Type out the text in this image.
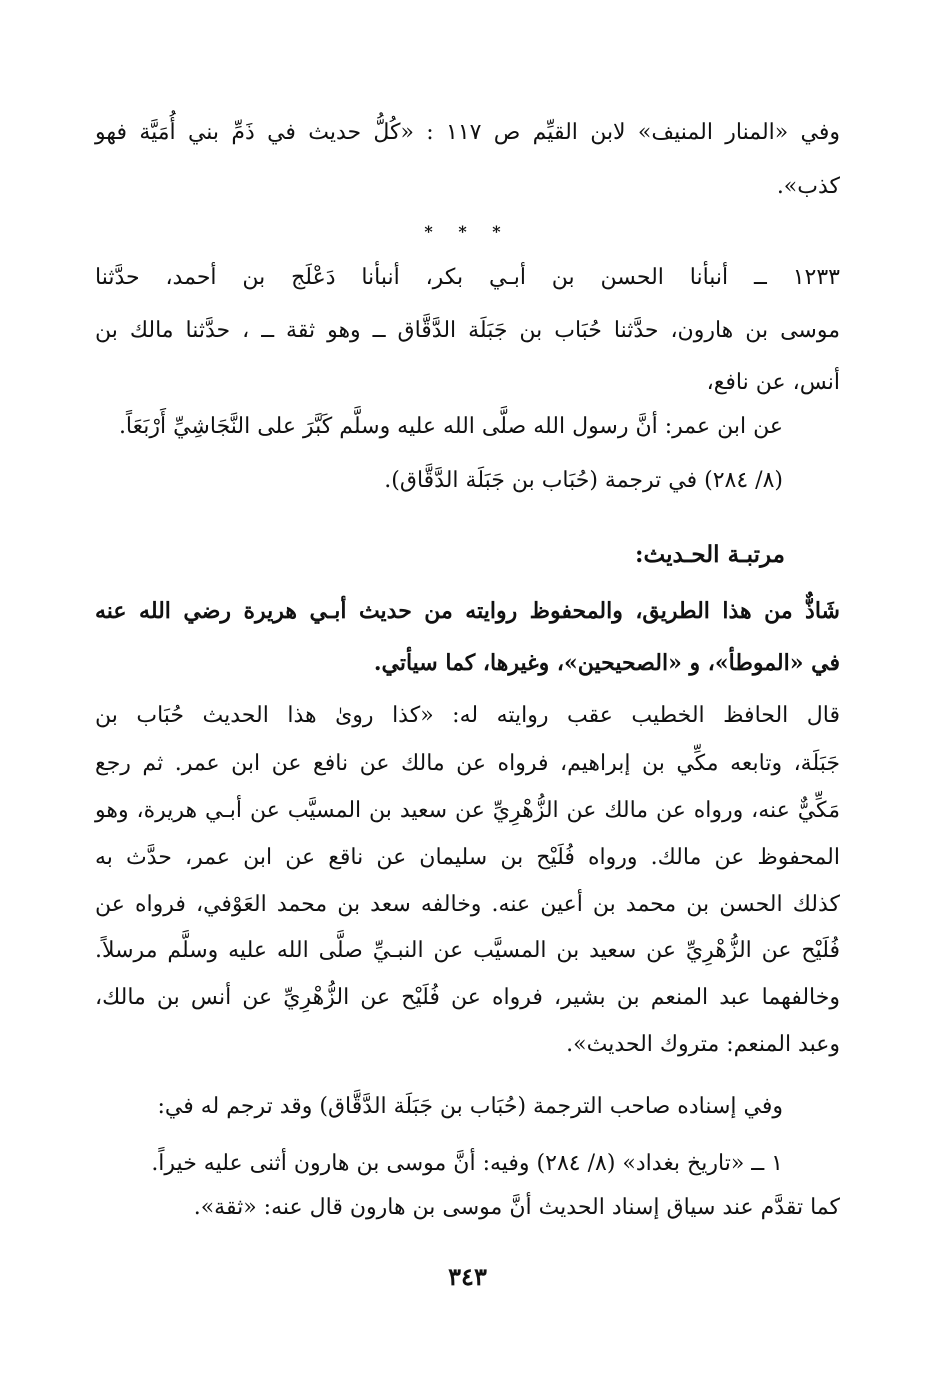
وفي «المنار المنيف» لابن القيِّم ص ١١٧ : «كُلُّ حديث في ذَمِّ بني أُمَيَّة فهو
كذب».
* * *
١٢٣٣ ــ أنبأنا الحسن بن أبـي بكر، أنبأنا دَعْلَج بن أحمد، حدَّثنا
موسى بن هارون، حدَّثنا حُبَاب بن جَبَلَة الدَّقَّاق ــ وهو ثقة ــ ، حدَّثنا مالك بن
أنس، عن نافع،
عن ابن عمر: أنَّ رسول الله صلَّى الله عليه وسلَّم كَبَّرَ على النَّجَاشِيِّ أَرْبَعَاً.
(٨/ ٢٨٤) في ترجمة (حُبَاب بن جَبَلَة الدَّقَّاق).
مرتبـة الحـديث:
شَاذٌّ من هذا الطريق، والمحفوظ روايته من حديث أبـي هريرة رضي الله عنه
في «الموطأ»، و «الصحيحين»، وغيرها، كما سيأتي.
قال الحافظ الخطيب عقب روايته له: «كذا روىٰ هذا الحديث حُبَاب بن
جَبَلَة، وتابعه مكِّي بن إبراهيم، فرواه عن مالك عن نافع عن ابن عمر. ثم رجع
مَكِّيٌّ عنه، ورواه عن مالك عن الزُّهْرِيِّ عن سعيد بن المسيَّب عن أبـي هريرة، وهو
المحفوظ عن مالك. ورواه فُلَيْح بن سليمان عن ناقع عن ابن عمر، حدَّث به
كذلك الحسن بن محمد بن أعين عنه. وخالفه سعد بن محمد العَوْفي، فرواه عن
فُلَيْح عن الزُّهْرِيِّ عن سعيد بن المسيَّب عن النبـيِّ صلَّى الله عليه وسلَّم مرسلاً.
وخالفهما عبد المنعم بن بشير، فرواه عن فُلَيْح عن الزُّهْرِيِّ عن أنس بن مالك،
وعبد المنعم: متروك الحديث».
وفي إسناده صاحب الترجمة (حُبَاب بن جَبَلَة الدَّقَّاق) وقد ترجم له في:
١ ــ «تاريخ بغداد» (٨/ ٢٨٤) وفيه: أنَّ موسى بن هارون أثنى عليه خيراً.
كما تقدَّم عند سياق إسناد الحديث أنَّ موسى بن هارون قال عنه: «ثقة».
٣٤٣
